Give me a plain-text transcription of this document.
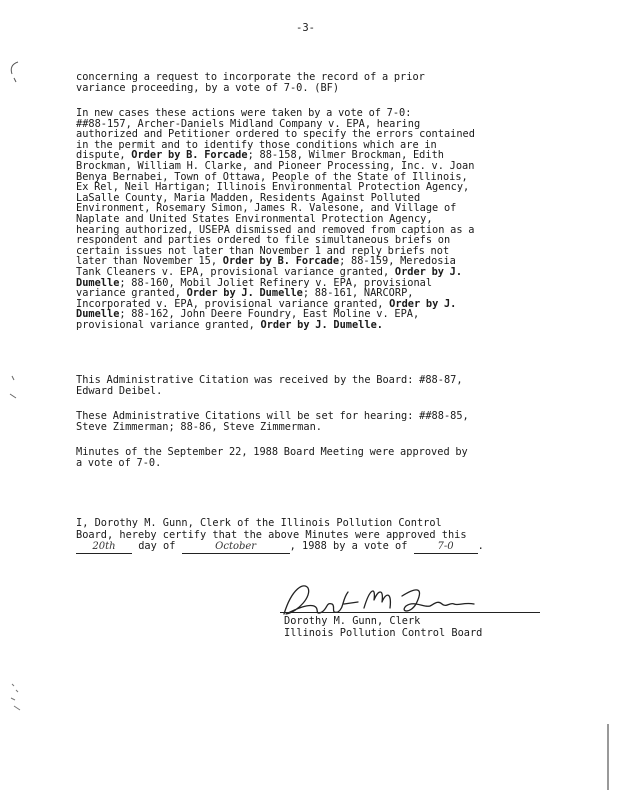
-3-

concerning a request to incorporate the record of a prior
variance proceeding, by a vote of 7-0. (BF)

In new cases these actions were taken by a vote of 7-0:
##88-157, Archer-Daniels Midland Company v. EPA, hearing
authorized and Petitioner ordered to specify the errors contained
in the permit and to identify those conditions which are in
dispute, Order by B. Forcade; 88-158, Wilmer Brockman, Edith
Brockman, William H. Clarke, and Pioneer Processing, Inc. v. Joan
Benya Bernabei, Town of Ottawa, People of the State of Illinois,
Ex Rel, Neil Hartigan; Illinois Environmental Protection Agency,
LaSalle County, Maria Madden, Residents Against Polluted
Environment, Rosemary Simon, James R. Valesone, and Village of
Naplate and United States Environmental Protection Agency,
hearing authorized, USEPA dismissed and removed from caption as a
respondent and parties ordered to file simultaneous briefs on
certain issues not later than November 1 and reply briefs not
later than November 15, Order by B. Forcade; 88-159, Meredosia
Tank Cleaners v. EPA, provisional variance granted, Order by J.
Dumelle; 88-160, Mobil Joliet Refinery v. EPA, provisional
variance granted, Order by J. Dumelle; 88-161, NARCORP,
Incorporated v. EPA, provisional variance granted, Order by J.
Dumelle; 88-162, John Deere Foundry, East Moline v. EPA,
provisional variance granted, Order by J. Dumelle.

This Administrative Citation was received by the Board: #88-87,
Edward Deibel.

These Administrative Citations will be set for hearing: ##88-85,
Steve Zimmerman; 88-86, Steve Zimmerman.

Minutes of the September 22, 1988 Board Meeting were approved by
a vote of 7-0.

I, Dorothy M. Gunn, Clerk of the Illinois Pollution Control
Board, hereby certify that the above Minutes were approved this
20th day of	October	, 1988 by a vote of 7-0 .
Dorothy M. Gunn, Clerk
Illinois Pollution Control Board
